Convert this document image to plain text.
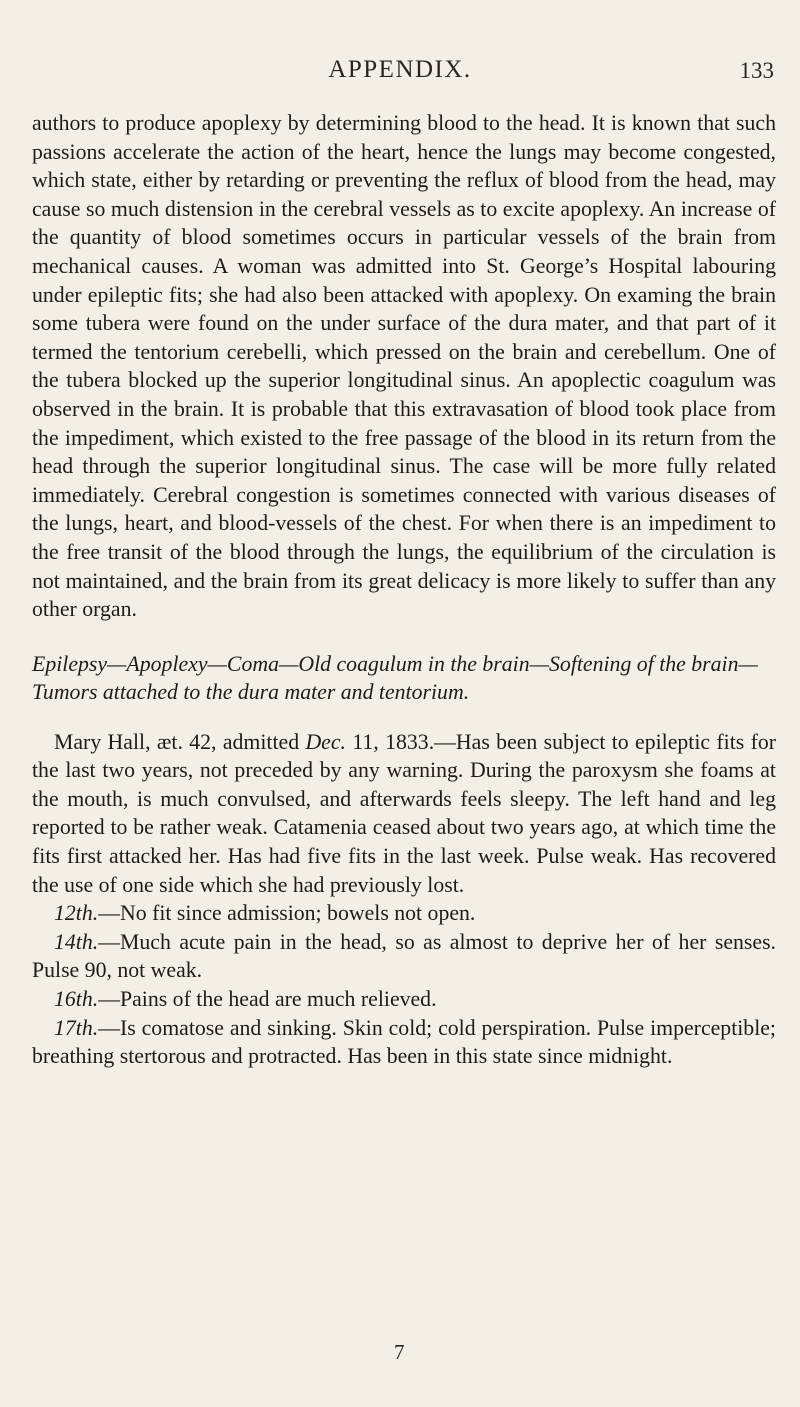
APPENDIX.	133

authors to produce apoplexy by determining blood to the head. It is known that such passions accelerate the action of the heart, hence the lungs may become congested, which state, either by retarding or preventing the reflux of blood from the head, may cause so much distension in the cerebral vessels as to excite apoplexy. An increase of the quantity of blood sometimes occurs in particular vessels of the brain from mechanical causes. A woman was admitted into St. George’s Hospital labouring under epileptic fits; she had also been attacked with apoplexy. On examing the brain some tubera were found on the under surface of the dura mater, and that part of it termed the tentorium cerebelli, which pressed on the brain and cerebellum. One of the tubera blocked up the superior longitudinal sinus. An apoplectic coagulum was observed in the brain. It is probable that this extravasation of blood took place from the impediment, which existed to the free passage of the blood in its return from the head through the superior longitudinal sinus. The case will be more fully related immediately. Cerebral congestion is sometimes connected with various diseases of the lungs, heart, and blood-vessels of the chest. For when there is an impediment to the free transit of the blood through the lungs, the equilibrium of the circulation is not maintained, and the brain from its great delicacy is more likely to suffer than any other organ.

Epilepsy—Apoplexy—Coma—Old coagulum in the brain—Softening of the brain—Tumors attached to the dura mater and tentorium.

Mary Hall, æt. 42, admitted Dec. 11, 1833.—Has been subject to epileptic fits for the last two years, not preceded by any warning. During the paroxysm she foams at the mouth, is much convulsed, and afterwards feels sleepy. The left hand and leg reported to be rather weak. Catamenia ceased about two years ago, at which time the fits first attacked her. Has had five fits in the last week. Pulse weak. Has recovered the use of one side which she had previously lost.

12th.—No fit since admission; bowels not open.

14th.—Much acute pain in the head, so as almost to deprive her of her senses. Pulse 90, not weak.

16th.—Pains of the head are much relieved.

17th.—Is comatose and sinking. Skin cold; cold perspiration. Pulse imperceptible; breathing stertorous and protracted. Has been in this state since midnight.

7
